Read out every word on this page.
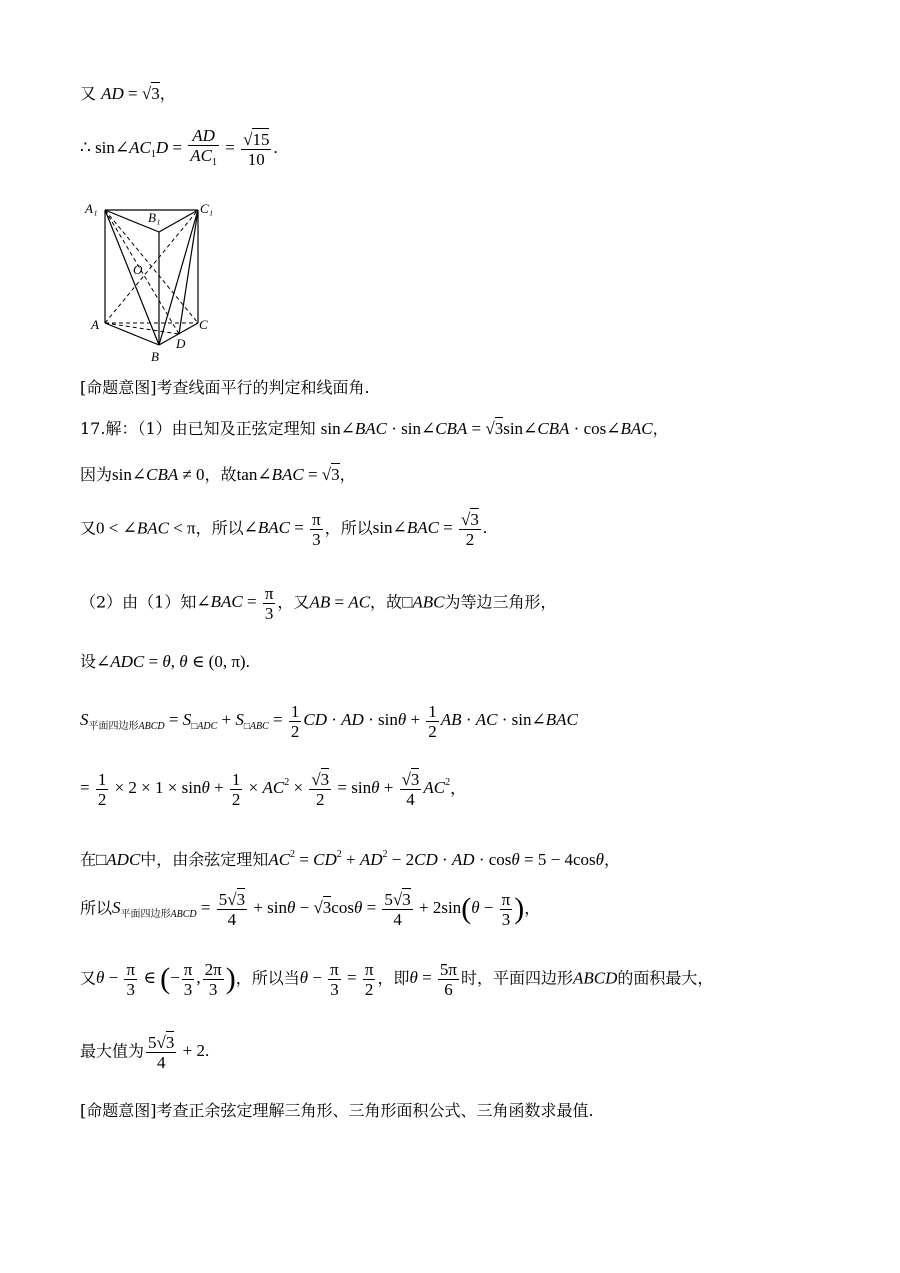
又 AD = √3，
∴ $\sin\angle AC_1D = \frac{AD}{AC_1} = \frac{√15}{10}$ .
A₁
B₁
C₁
O
A	C
D
B
[命题意图]考查线面平行的判定和线面角.
17.解：（1）由已知及正弦定理知 sin∠BAC · sin∠CBA = √3sin∠CBA · cos∠BAC，
因为sin∠CBA ≠ 0，故tan∠BAC = √3，
又0 < ∠BAC < π，所以∠BAC = $\frac{\pi}{3}$ ，所以sin∠BAC = $\frac{√3}{2}$ .
（2）由（1）知∠BAC = $\frac{\pi}{3}$ ，又AB = AC，故□ABC为等边三角形，
设∠ADC = θ, θ ∈ (0, π).
$S_{平面四边形ABCD} = S_{□ADC} + S_{□ABC} = \frac{1}{2}$ CD · AD · $\sin\theta + \frac{1}{2}$ AB · AC · sin∠BAC
= $\frac{1}{2} \times 2 \times 1 \times \sin\theta + \frac{1}{2} \times AC^2 \times \frac{√3}{2} = \sin\theta + \frac{√3}{4} AC^2$，
在□ADC中，由余弦定理知$AC^2 = CD^2 + AD^2 - 2CD$ · AD · cosθ = 5 − 4cosθ，
所以$S_{平面四边形ABCD} = \frac{5√3}{4} + \sin\theta - √3\cos\theta = \frac{5√3}{4} + 2\sin(\theta - \frac{\pi}{3}$ )，
又$\theta - \frac{\pi}{3}$ ∈ (− $\frac{\pi}{3}$ , $\frac{2\pi}{3}$ )，所以当$\theta - \frac{\pi}{3} = \frac{\pi}{2}$ ，即$\theta = \frac{5\pi}{6}$ 时，平面四边形ABCD的面积最大，
最大值为 $\frac{5√3}{4} + 2$.
[命题意图]考查正余弦定理解三角形、三角形面积公式、三角函数求最值.
